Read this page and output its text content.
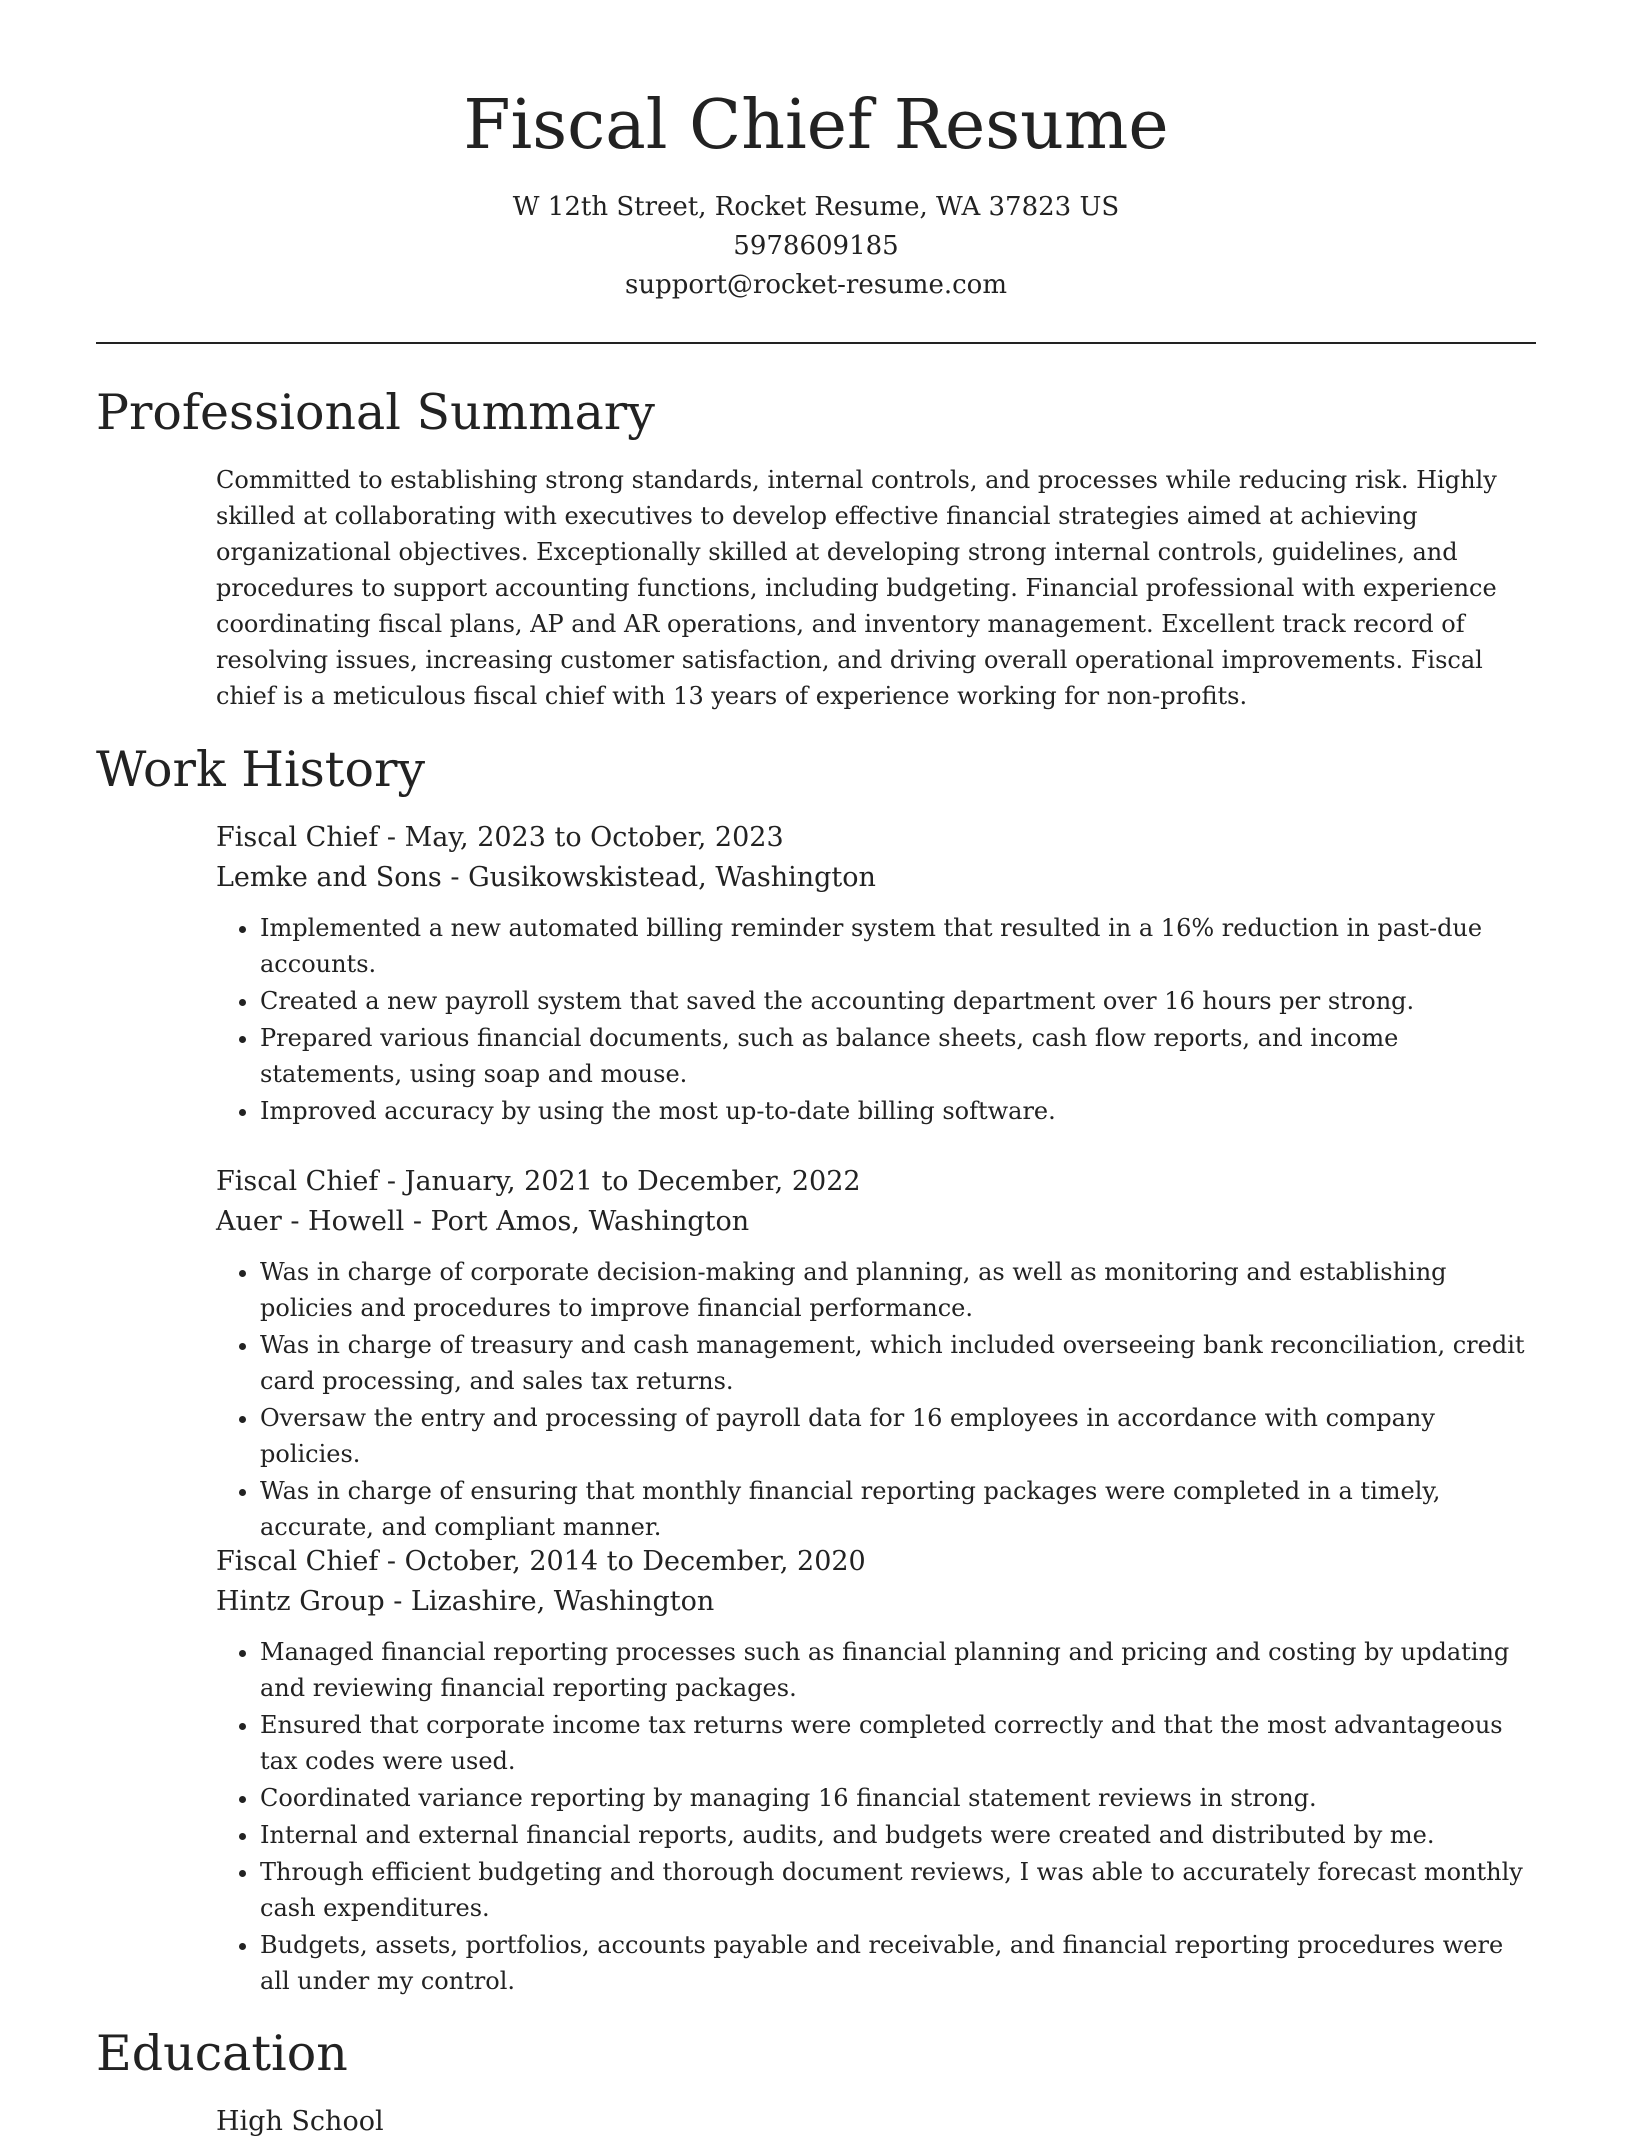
Fiscal Chief Resume
W 12th Street, Rocket Resume, WA 37823 US
5978609185
support@rocket-resume.com
Professional Summary

Committed to establishing strong standards, internal controls, and processes while reducing risk. Highly skilled at collaborating with executives to develop effective financial strategies aimed at achieving organizational objectives. Exceptionally skilled at developing strong internal controls, guidelines, and procedures to support accounting functions, including budgeting. Financial professional with experience coordinating fiscal plans, AP and AR operations, and inventory management. Excellent track record of resolving issues, increasing customer satisfaction, and driving overall operational improvements. Fiscal chief is a meticulous fiscal chief with 13 years of experience working for non-profits.

Work History

Fiscal Chief - May, 2023 to October, 2023

Lemke and Sons - Gusikowskistead, Washington

• Implemented a new automated billing reminder system that resulted in a 16% reduction in past-due accounts.
• Created a new payroll system that saved the accounting department over 16 hours per strong.
• Prepared various financial documents, such as balance sheets, cash flow reports, and income statements, using soap and mouse.
• Improved accuracy by using the most up-to-date billing software.

Fiscal Chief - January, 2021 to December, 2022

Auer - Howell - Port Amos, Washington

• Was in charge of corporate decision-making and planning, as well as monitoring and establishing policies and procedures to improve financial performance.
• Was in charge of treasury and cash management, which included overseeing bank reconciliation, credit card processing, and sales tax returns.
• Oversaw the entry and processing of payroll data for 16 employees in accordance with company policies.
• Was in charge of ensuring that monthly financial reporting packages were completed in a timely, accurate, and compliant manner.

Fiscal Chief - October, 2014 to December, 2020

Hintz Group - Lizashire, Washington

• Managed financial reporting processes such as financial planning and pricing and costing by updating and reviewing financial reporting packages.
• Ensured that corporate income tax returns were completed correctly and that the most advantageous tax codes were used.
• Coordinated variance reporting by managing 16 financial statement reviews in strong.
• Internal and external financial reports, audits, and budgets were created and distributed by me.
• Through efficient budgeting and thorough document reviews, I was able to accurately forecast monthly cash expenditures.
• Budgets, assets, portfolios, accounts payable and receivable, and financial reporting procedures were all under my control.
Education
High School
